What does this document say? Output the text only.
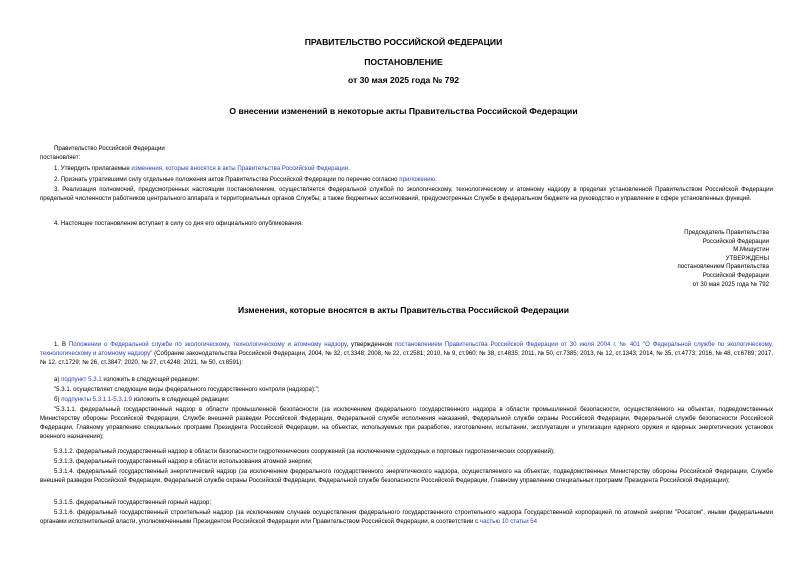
ПРАВИТЕЛЬСТВО РОССИЙСКОЙ ФЕДЕРАЦИИ
ПОСТАНОВЛЕНИЕ
от 30 мая 2025 года № 792
О внесении изменений в некоторые акты Правительства Российской Федерации
Правительство Российской Федерации
постановляет:
1. Утвердить прилагаемые изменения, которые вносятся в акты Правительства Российской Федерации.
2. Признать утратившими силу отдельные положения актов Правительства Российской Федерации по перечню согласно приложению.
3. Реализация полномочий, предусмотренных настоящим постановлением, осуществляется Федеральной службой по экологическому, технологическому и атомному надзору в пределах установленной Правительством Российской Федерации предельной численности работников центрального аппарата и территориальных органов Службы, а также бюджетных ассигнований, предусмотренных Службе в федеральном бюджете на руководство и управление в сфере установленных функций.
4. Настоящее постановление вступает в силу со дня его официального опубликования.
Председатель Правительства
Российской Федерации
М.Мишустин
УТВЕРЖДЕНЫ
постановлением Правительства
Российской Федерации
от 30 мая 2025 года № 792
Изменения, которые вносятся в акты Правительства Российской Федерации
1. В Положении о Федеральной службе по экологическому, технологическому и атомному надзору, утвержденном постановлением Правительства Российской Федерации от 30 июля 2004 г. № 401 "О Федеральной службе по экологическому, технологическому и атомному надзору" (Собрание законодательства Российской Федерации, 2004, № 32, ст.3348; 2008, № 22, ст.2581; 2010, № 9, ст.960; № 38, ст.4835; 2011, № 50, ст.7385; 2013, № 12, ст.1343; 2014, № 35, ст.4773; 2016, № 48, ст.6789; 2017, № 12, ст.1729; № 26, ст.3847; 2020, № 27, ст.4248; 2021, № 50, ст.8591):
а) подпункт 5.3.1 изложить в следующей редакции:
"5.3.1. осуществляет следующие виды федерального государственного контроля (надзора):";
б) подпункты 5.3.1.1-5.3.1.9 изложить в следующей редакции:
"5.3.1.1. федеральный государственный надзор в области промышленной безопасности (за исключением федерального государственного надзора в области промышленной безопасности, осуществляемого на объектах, подведомственных Министерству обороны Российской Федерации, Службе внешней разведки Российской Федерации, Федеральной службе исполнения наказаний, Федеральной службе охраны Российской Федерации, Федеральной службе безопасности Российской Федерации, Главному управлению специальных программ Президента Российской Федерации, на объектах, используемых при разработке, изготовлении, испытании, эксплуатации и утилизации ядерного оружия и ядерных энергетических установок военного назначения);
5.3.1.2. федеральный государственный надзор в области безопасности гидротехнических сооружений (за исключением судоходных и портовых гидротехнических сооружений);
5.3.1.3. федеральный государственный надзор в области использования атомной энергии;
5.3.1.4. федеральный государственный энергетический надзор (за исключением федерального государственного энергетического надзора, осуществляемого на объектах, подведомственных Министерству обороны Российской Федерации, Службе внешней разведки Российской Федерации, Федеральной службе охраны Российской Федерации, Федеральной службе безопасности Российской Федерации, Главному управлению специальных программ Президента Российской Федерации);
5.3.1.5. федеральный государственный горный надзор;
5.3.1.6. федеральный государственный строительный надзор (за исключением случаев осуществления федерального государственного строительного надзора Государственной корпорацией по атомной энергии "Росатом", иными федеральными органами исполнительной власти, уполномоченными Президентом Российской Федерации или Правительством Российской Федерации, в соответствии с частью 10 статьи 54
